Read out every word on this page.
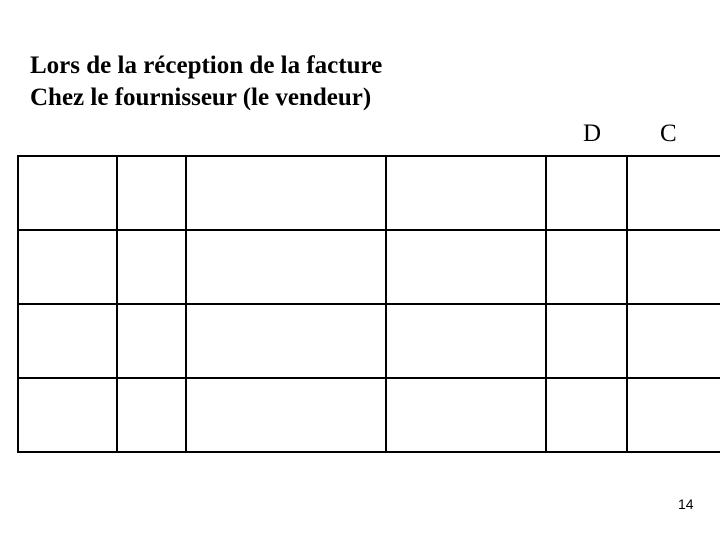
Lors de la réception de la facture
Chez le fournisseur (le vendeur)
D C

14
